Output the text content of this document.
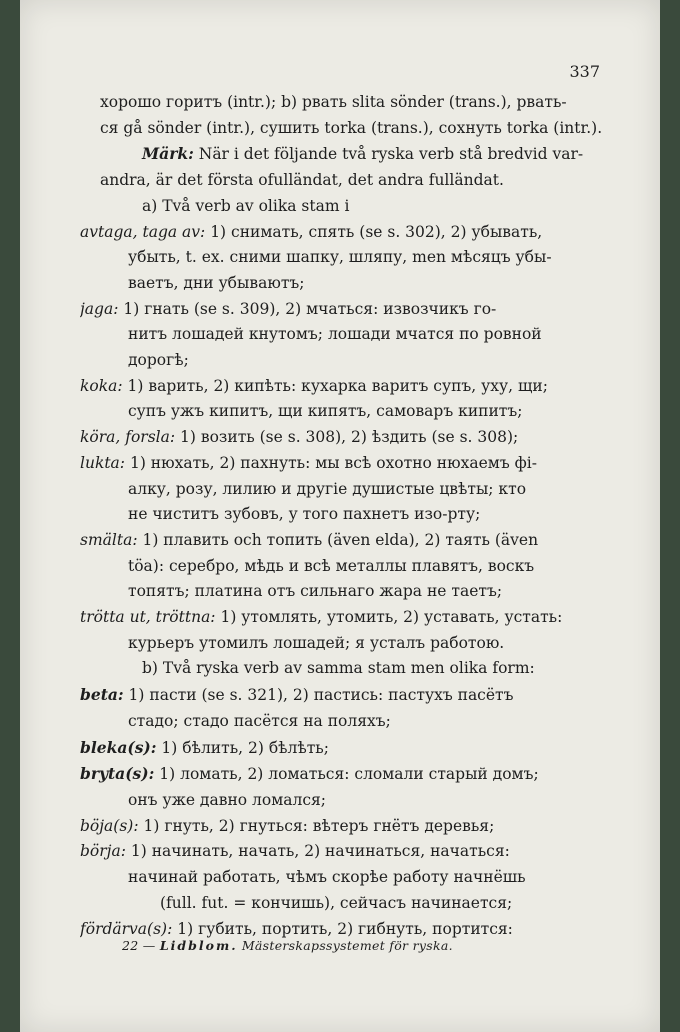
337
хорошо горитъ (intr.); b) рвать slita sönder (trans.), рвать-
ся gå sönder (intr.), сушить torka (trans.), сохнуть torka (intr.).
Märk: När i det följande två ryska verb stå bredvid var-
andra, är det första ofulländat, det andra fulländat.
a) Två verb av olika stam i
avtaga, taga av: 1) снимать, спять (se s. 302), 2) убывать,
убыть, t. ex. сними шапку, шляпу, men мѣсяцъ убы-
ваетъ, дни убываютъ;
jaga: 1) гнать (se s. 309), 2) мчаться: извозчикъ го-
нитъ лошадей кнутомъ; лошади мчатся по ровной
дорогѣ;
koka: 1) варить, 2) кипѣть: кухарка варитъ супъ, уху, щи;
супъ ужъ кипитъ, щи кипятъ, самоваръ кипитъ;
köra, forsla: 1) возить (se s. 308), 2) ѣздить (se s. 308);
lukta: 1) нюхать, 2) пахнуть: мы всѣ охотно нюхаемъ фі-
алку, розу, лилию и другіе душистые цвѣты; кто
не чиститъ зубовъ, у того пахнетъ изо-рту;
smälta: 1) плавить och топить (även elda), 2) таять (även
töa): серебро, мѣдь и всѣ металлы плавятъ, воскъ
топятъ; платина отъ сильнаго жара не таетъ;
trötta ut, tröttna: 1) утомлять, утомить, 2) уставать, устать:
курьеръ утомилъ лошадей; я усталъ работою.
b) Två ryska verb av samma stam men olika form:
beta: 1) пасти (se s. 321), 2) пастись: пастухъ пасётъ
стадо; стадо пасётся на поляхъ;
bleka(s): 1) бѣлить, 2) бѣлѣть;
bryta(s): 1) ломать, 2) ломаться: сломали старый домъ;
онъ уже давно ломался;
böja(s): 1) гнуть, 2) гнуться: вѣтеръ гнётъ деревья;
börja: 1) начинать, начать, 2) начинаться, начаться:
начинай работать, чѣмъ скорѣе работу начнёшь
(full. fut. = кончишь), сейчасъ начинается;
fördärva(s): 1) губить, портить, 2) гибнуть, портится:
22 — Lidblom. Mästerskapssystemet för ryska.
